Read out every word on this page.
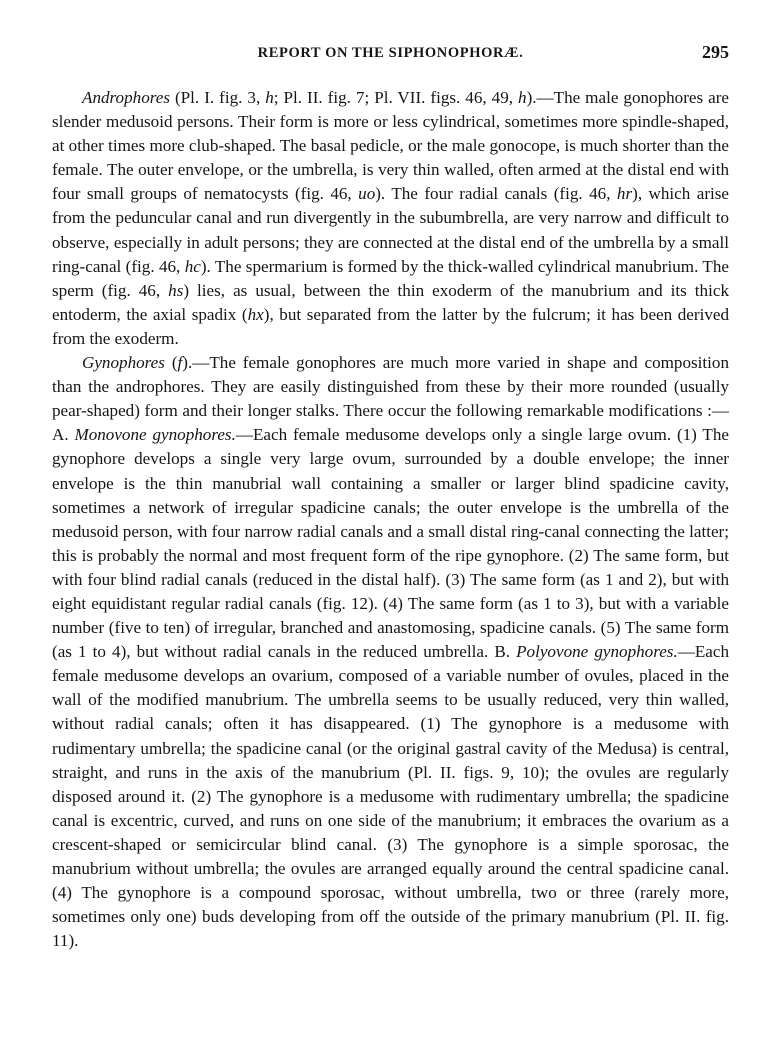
REPORT ON THE SIPHONOPHORÆ.	295

Androphores (Pl. I. fig. 3, h; Pl. II. fig. 7; Pl. VII. figs. 46, 49, h).—The male gonophores are slender medusoid persons. Their form is more or less cylindrical, sometimes more spindle-shaped, at other times more club-shaped. The basal pedicle, or the male gonocope, is much shorter than the female. The outer envelope, or the umbrella, is very thin walled, often armed at the distal end with four small groups of nematocysts (fig. 46, uo). The four radial canals (fig. 46, hr), which arise from the peduncular canal and run divergently in the subumbrella, are very narrow and difficult to observe, especially in adult persons; they are connected at the distal end of the umbrella by a small ring-canal (fig. 46, hc). The spermarium is formed by the thick-walled cylindrical manubrium. The sperm (fig. 46, hs) lies, as usual, between the thin exoderm of the manubrium and its thick entoderm, the axial spadix (hx), but separated from the latter by the fulcrum; it has been derived from the exoderm.

Gynophores (f).—The female gonophores are much more varied in shape and composition than the androphores. They are easily distinguished from these by their more rounded (usually pear-shaped) form and their longer stalks. There occur the following remarkable modifications :—A. Monovone gynophores.—Each female medusome develops only a single large ovum. (1) The gynophore develops a single very large ovum, surrounded by a double envelope; the inner envelope is the thin manubrial wall containing a smaller or larger blind spadicine cavity, sometimes a network of irregular spadicine canals; the outer envelope is the umbrella of the medusoid person, with four narrow radial canals and a small distal ring-canal connecting the latter; this is probably the normal and most frequent form of the ripe gynophore. (2) The same form, but with four blind radial canals (reduced in the distal half). (3) The same form (as 1 and 2), but with eight equidistant regular radial canals (fig. 12). (4) The same form (as 1 to 3), but with a variable number (five to ten) of irregular, branched and anastomosing, spadicine canals. (5) The same form (as 1 to 4), but without radial canals in the reduced umbrella. B. Polyovone gynophores.—Each female medusome develops an ovarium, composed of a variable number of ovules, placed in the wall of the modified manubrium. The umbrella seems to be usually reduced, very thin walled, without radial canals; often it has disappeared. (1) The gynophore is a medusome with rudimentary umbrella; the spadicine canal (or the original gastral cavity of the Medusa) is central, straight, and runs in the axis of the manubrium (Pl. II. figs. 9, 10); the ovules are regularly disposed around it. (2) The gynophore is a medusome with rudimentary umbrella; the spadicine canal is excentric, curved, and runs on one side of the manubrium; it embraces the ovarium as a crescent-shaped or semicircular blind canal. (3) The gynophore is a simple sporosac, the manubrium without umbrella; the ovules are arranged equally around the central spadicine canal. (4) The gynophore is a compound sporosac, without umbrella, two or three (rarely more, sometimes only one) buds developing from off the outside of the primary manubrium (Pl. II. fig. 11).
